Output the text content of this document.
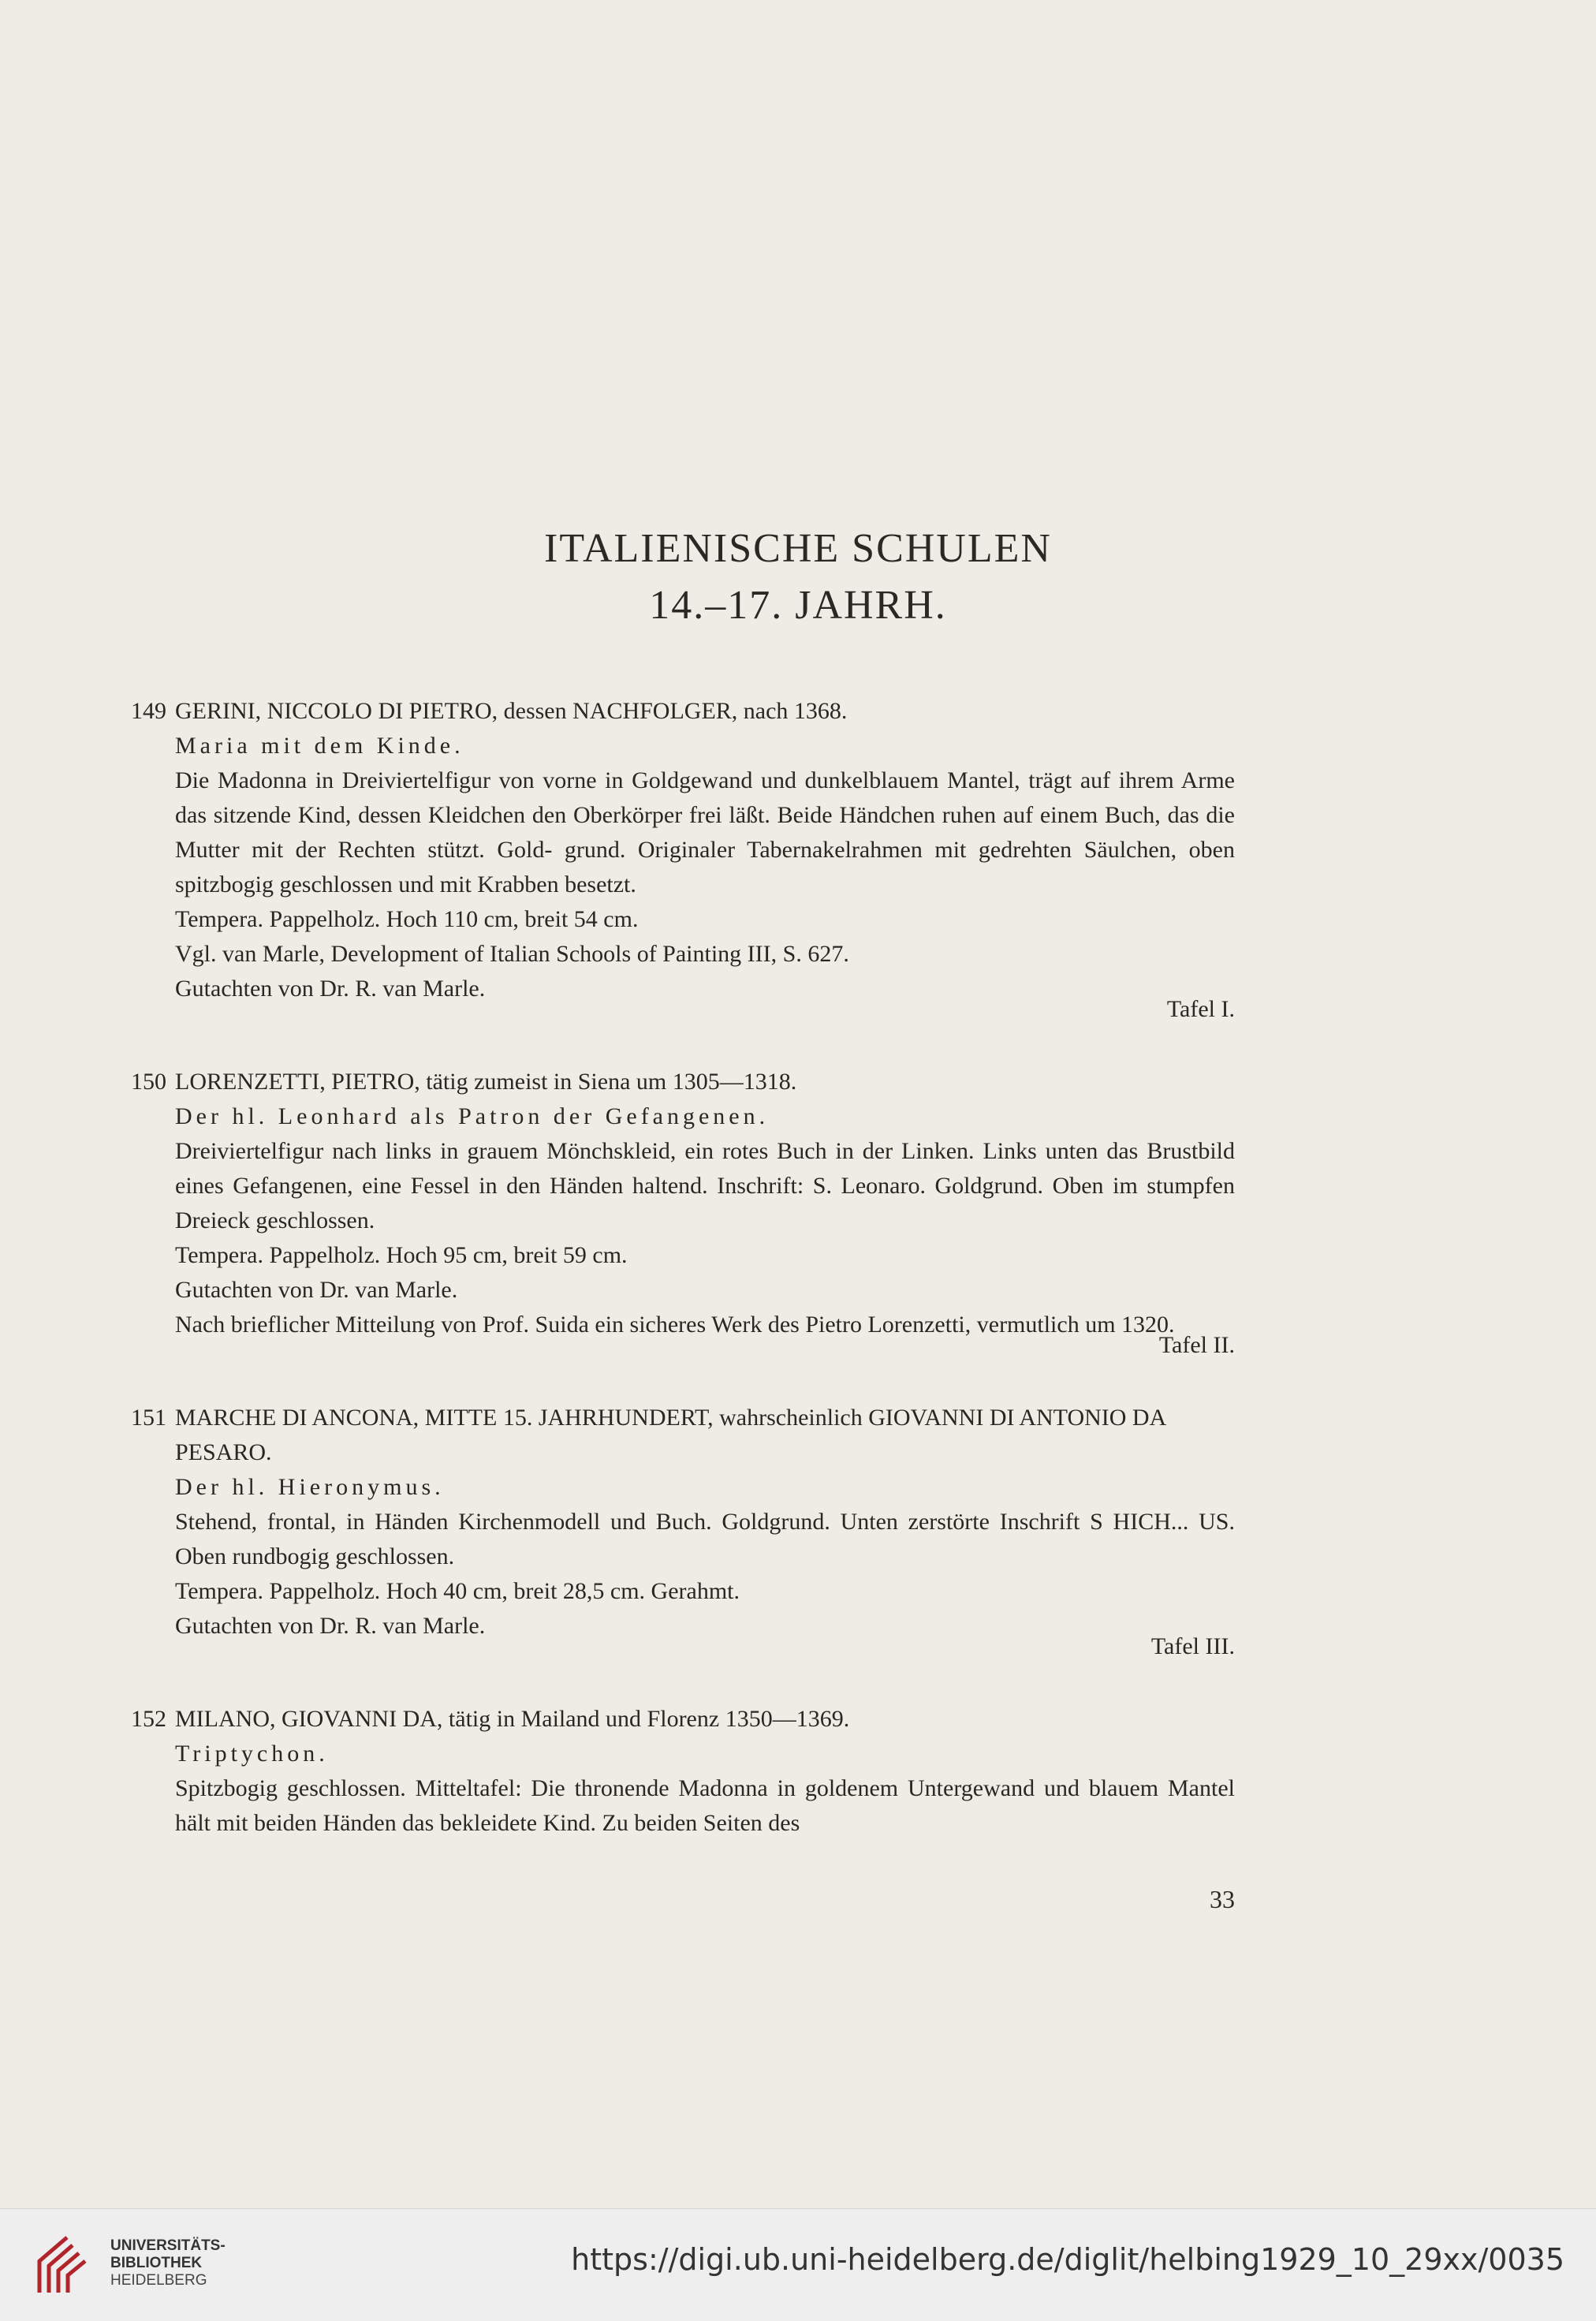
ITALIENISCHE SCHULEN
14.–17. JAHRH.
149 GERINI, NICCOLO DI PIETRO, dessen NACHFOLGER, nach 1368.
Maria mit dem Kinde.
Die Madonna in Dreiviertelfigur von vorne in Goldgewand und dunkelblauem Mantel, trägt auf ihrem Arme das sitzende Kind, dessen Kleidchen den Oberkörper frei läßt. Beide Händchen ruhen auf einem Buch, das die Mutter mit der Rechten stützt. Gold‑ grund. Originaler Tabernakelrahmen mit gedrehten Säulchen, oben spitzbogig geschlossen und mit Krabben besetzt.
Tempera. Pappelholz. Hoch 110 cm, breit 54 cm.
Vgl. van Marle, Development of Italian Schools of Painting III, S. 627.
Gutachten von Dr. R. van Marle.
Tafel I.
150 LORENZETTI, PIETRO, tätig zumeist in Siena um 1305—1318.
Der hl. Leonhard als Patron der Gefangenen.
Dreiviertelfigur nach links in grauem Mönchskleid, ein rotes Buch in der Linken. Links unten das Brustbild eines Gefangenen, eine Fessel in den Händen haltend. Inschrift: S. Leonaro. Goldgrund. Oben im stumpfen Dreieck geschlossen.
Tempera. Pappelholz. Hoch 95 cm, breit 59 cm.
Gutachten von Dr. van Marle.
Nach brieflicher Mitteilung von Prof. Suida ein sicheres Werk des Pietro Lorenzetti, vermutlich um 1320.
Tafel II.
151 MARCHE DI ANCONA, MITTE 15. JAHRHUNDERT, wahrscheinlich GIOVANNI DI ANTONIO DA PESARO.
Der hl. Hieronymus.
Stehend, frontal, in Händen Kirchenmodell und Buch. Goldgrund. Unten zerstörte Inschrift S HICH... US. Oben rundbogig geschlossen.
Tempera. Pappelholz. Hoch 40 cm, breit 28,5 cm. Gerahmt.
Gutachten von Dr. R. van Marle.
Tafel III.
152 MILANO, GIOVANNI DA, tätig in Mailand und Florenz 1350—1369.
Triptychon.
Spitzbogig geschlossen. Mitteltafel: Die thronende Madonna in goldenem Untergewand und blauem Mantel hält mit beiden Händen das bekleidete Kind. Zu beiden Seiten des
33
UNIVERSITÄTS-
BIBLIOTHEK
HEIDELBERG
https://digi.ub.uni-heidelberg.de/diglit/helbing1929_10_29xx/0035
